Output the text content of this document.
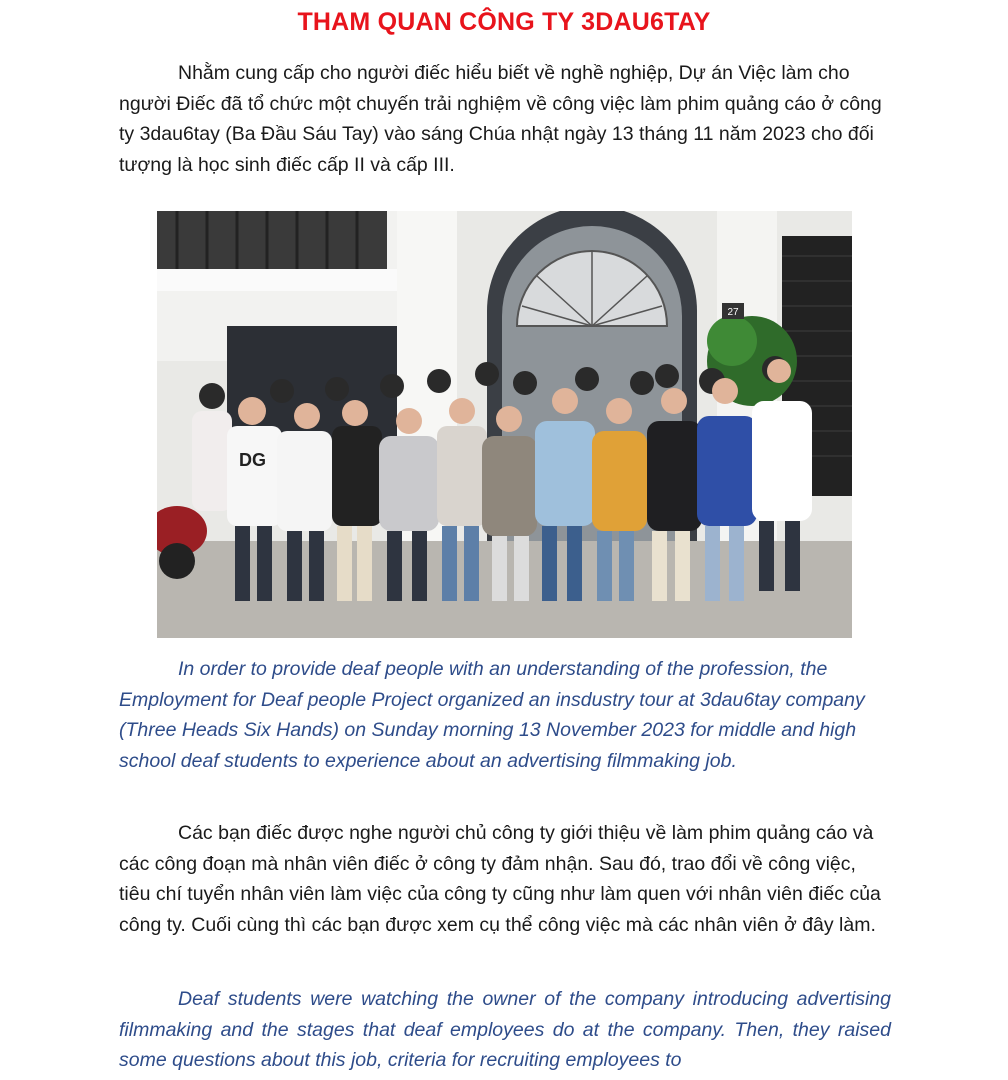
THAM QUAN CÔNG TY 3DAU6TAY

Nhằm cung cấp cho người điếc hiểu biết về nghề nghiệp, Dự án Việc làm cho người Điếc đã tổ chức một chuyến trải nghiệm về công việc làm phim quảng cáo ở công ty 3dau6tay (Ba Đầu Sáu Tay) vào sáng Chúa nhật ngày 13 tháng 11 năm 2023 cho đối tượng là học sinh điếc cấp II và cấp III.

27
DG

In order to provide deaf people with an understanding of the profession, the Employment for Deaf people Project organized an insdustry tour at 3dau6tay company (Three Heads Six Hands) on Sunday morning 13 November 2023 for middle and high school deaf students to experience about an advertising filmmaking job.

Các bạn điếc được nghe người chủ công ty giới thiệu về làm phim quảng cáo và các công đoạn mà nhân viên điếc ở công ty đảm nhận. Sau đó, trao đổi về công việc, tiêu chí tuyển nhân viên làm việc của công ty cũng như làm quen với nhân viên điếc của công ty. Cuối cùng thì các bạn được xem cụ thể công việc mà các nhân viên ở đây làm.

Deaf students were watching the owner of the company introducing advertising filmmaking and the stages that deaf employees do at the company. Then, they raised some questions about this job, criteria for recruiting employees to
